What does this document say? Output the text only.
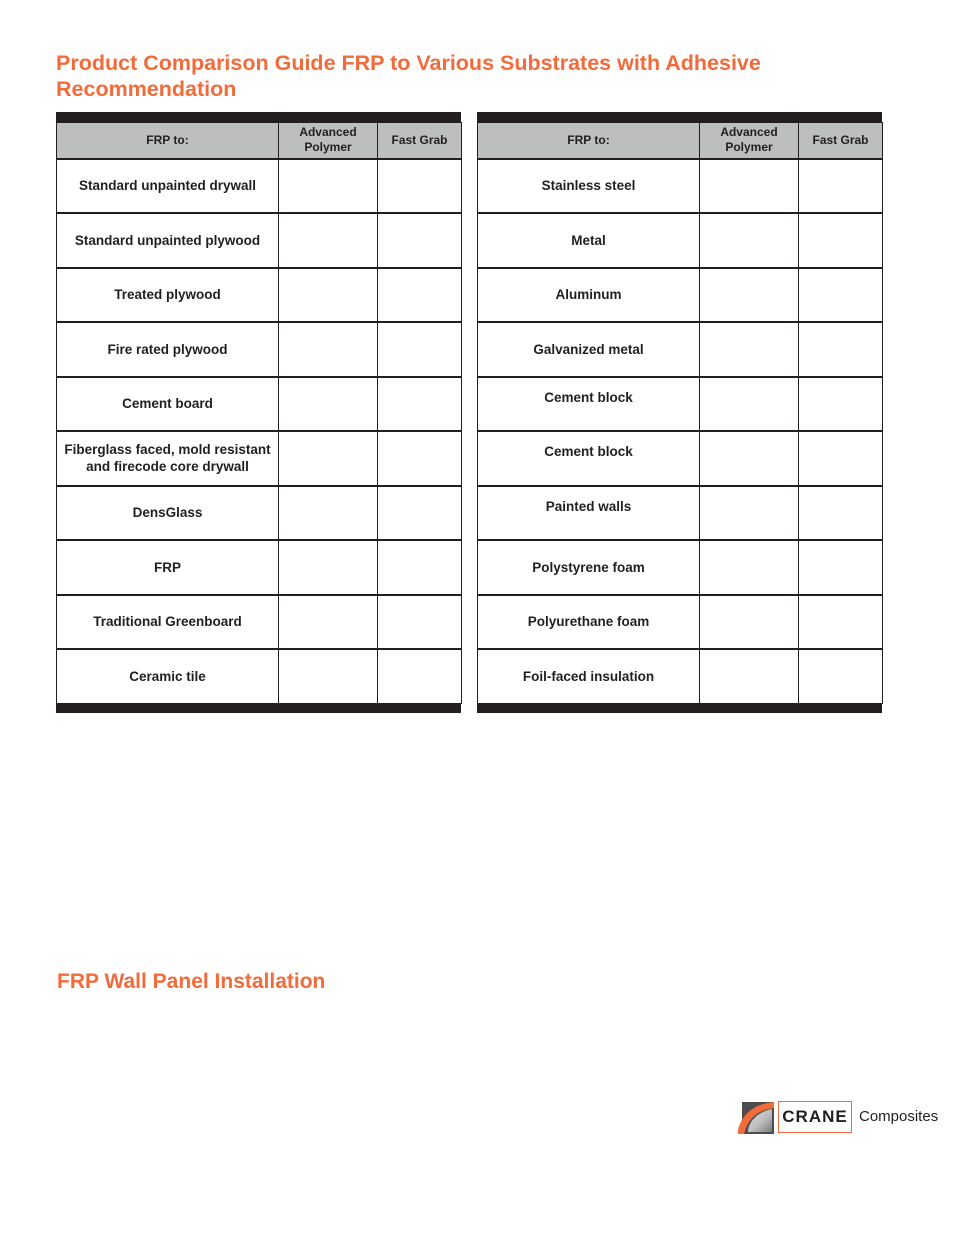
Product Comparison Guide FRP to Various Substrates with Adhesive Recommendation
FRP to:	Advanced Polymer	Fast Grab
Standard unpainted drywall		
Standard unpainted plywood		
Treated plywood		
Fire rated plywood		
Cement board		
Fiberglass faced, mold resistant and firecode core drywall		
DensGlass		
FRP		
Traditional Greenboard		
Ceramic tile		
FRP to:	Advanced Polymer	Fast Grab
Stainless steel		
Metal		
Aluminum		
Galvanized metal		
Cement block		
Cement block		
Painted walls		
Polystyrene foam		
Polyurethane foam		
Foil-faced insulation		
FRP Wall Panel Installation
CRANE Composites
